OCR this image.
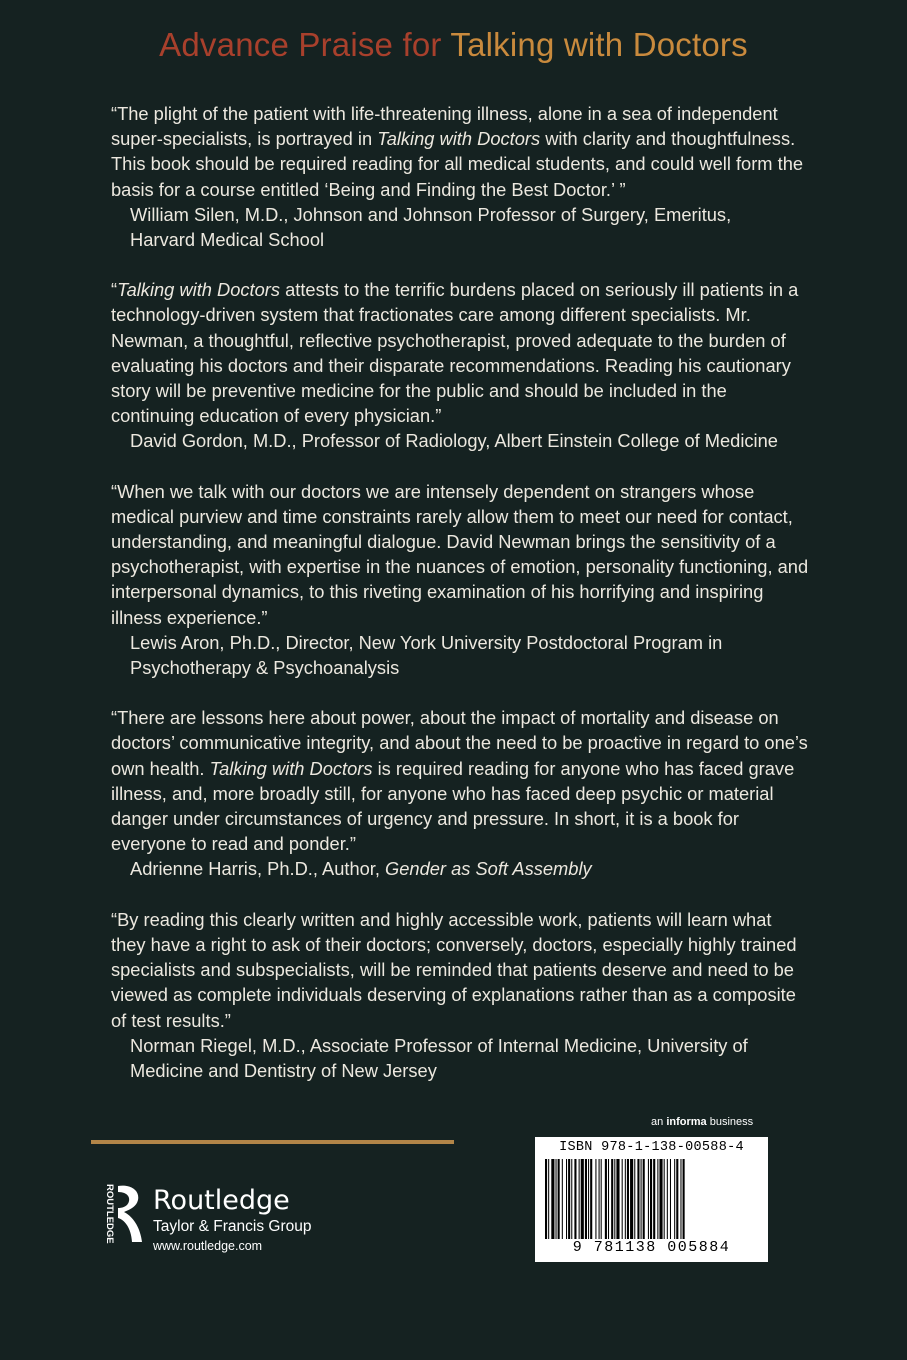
Advance Praise for Talking with Doctors

“The plight of the patient with life-threatening illness, alone in a sea of independent super-specialists, is portrayed in Talking with Doctors with clarity and thoughtfulness. This book should be required reading for all medical students, and could well form the basis for a course entitled ‘Being and Finding the Best Doctor.’ ”

William Silen, M.D., Johnson and Johnson Professor of Surgery, Emeritus,
Harvard Medical School

“Talking with Doctors attests to the terrific burdens placed on seriously ill patients in a technology-driven system that fractionates care among different specialists. Mr. Newman, a thoughtful, reflective psychotherapist, proved adequate to the burden of evaluating his doctors and their disparate recommendations. Reading his cautionary story will be preventive medicine for the public and should be included in the continuing education of every physician.”

David Gordon, M.D., Professor of Radiology, Albert Einstein College of Medicine

“When we talk with our doctors we are intensely dependent on strangers whose medical purview and time constraints rarely allow them to meet our need for contact, understanding, and meaningful dialogue. David Newman brings the sensitivity of a psychotherapist, with expertise in the nuances of emotion, personality functioning, and interpersonal dynamics, to this riveting examination of his horrifying and inspiring illness experience.”

Lewis Aron, Ph.D., Director, New York University Postdoctoral Program in
Psychotherapy & Psychoanalysis

“There are lessons here about power, about the impact of mortality and disease on doctors’ communicative integrity, and about the need to be proactive in regard to one’s own health. Talking with Doctors is required reading for anyone who has faced grave illness, and, more broadly still, for anyone who has faced deep psychic or material danger under circumstances of urgency and pressure. In short, it is a book for everyone to read and ponder.”

Adrienne Harris, Ph.D., Author, Gender as Soft Assembly

“By reading this clearly written and highly accessible work, patients will learn what they have a right to ask of their doctors; conversely, doctors, especially highly trained specialists and subspecialists, will be reminded that patients deserve and need to be viewed as complete individuals deserving of explanations rather than as a composite of test results.”

Norman Riegel, M.D., Associate Professor of Internal Medicine, University of
Medicine and Dentistry of New Jersey

an informa business
ISBN 978-1-138-00588-4
9 781138 005884
ROUTLEDGE Routledge
Taylor & Francis Group
www.routledge.com
